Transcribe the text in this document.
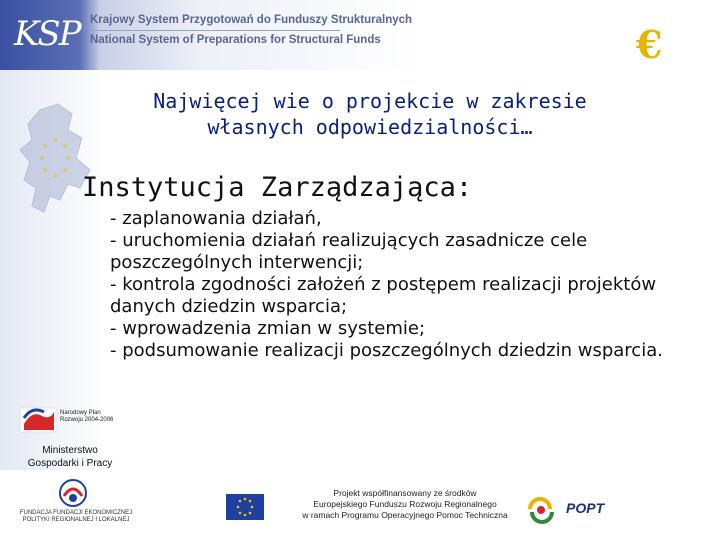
KSP Krajowy System Przygotowań do Funduszy Strukturalnych
National System of Preparations for Structural Funds	€
Najwięcej wie o projekcie w zakresie
własnych odpowiedzialności…
Instytucja Zarządzająca:
- zaplanowania działań,
- uruchomienia działań realizujących zasadnicze cele poszczególnych interwencji;
- kontrola zgodności założeń z postępem realizacji projektów danych dziedzin wsparcia;
- wprowadzenia zmian w systemie;
- podsumowanie realizacji poszczególnych dziedzin wsparcia.
Narodowy Plan
Rozwoju 2004-2006
Ministerstwo
Gospodarki i Pracy
FUNDACJA FUNDACJI EKONOMICZNEJ
POLITYKI REGIONALNEJ I LOKALNEJ
Projekt współfinansowany ze środków
Europejskiego Funduszu Rozwoju Regionalnego
w ramach Programu Operacyjnego Pomoc Techniczna	POPT
